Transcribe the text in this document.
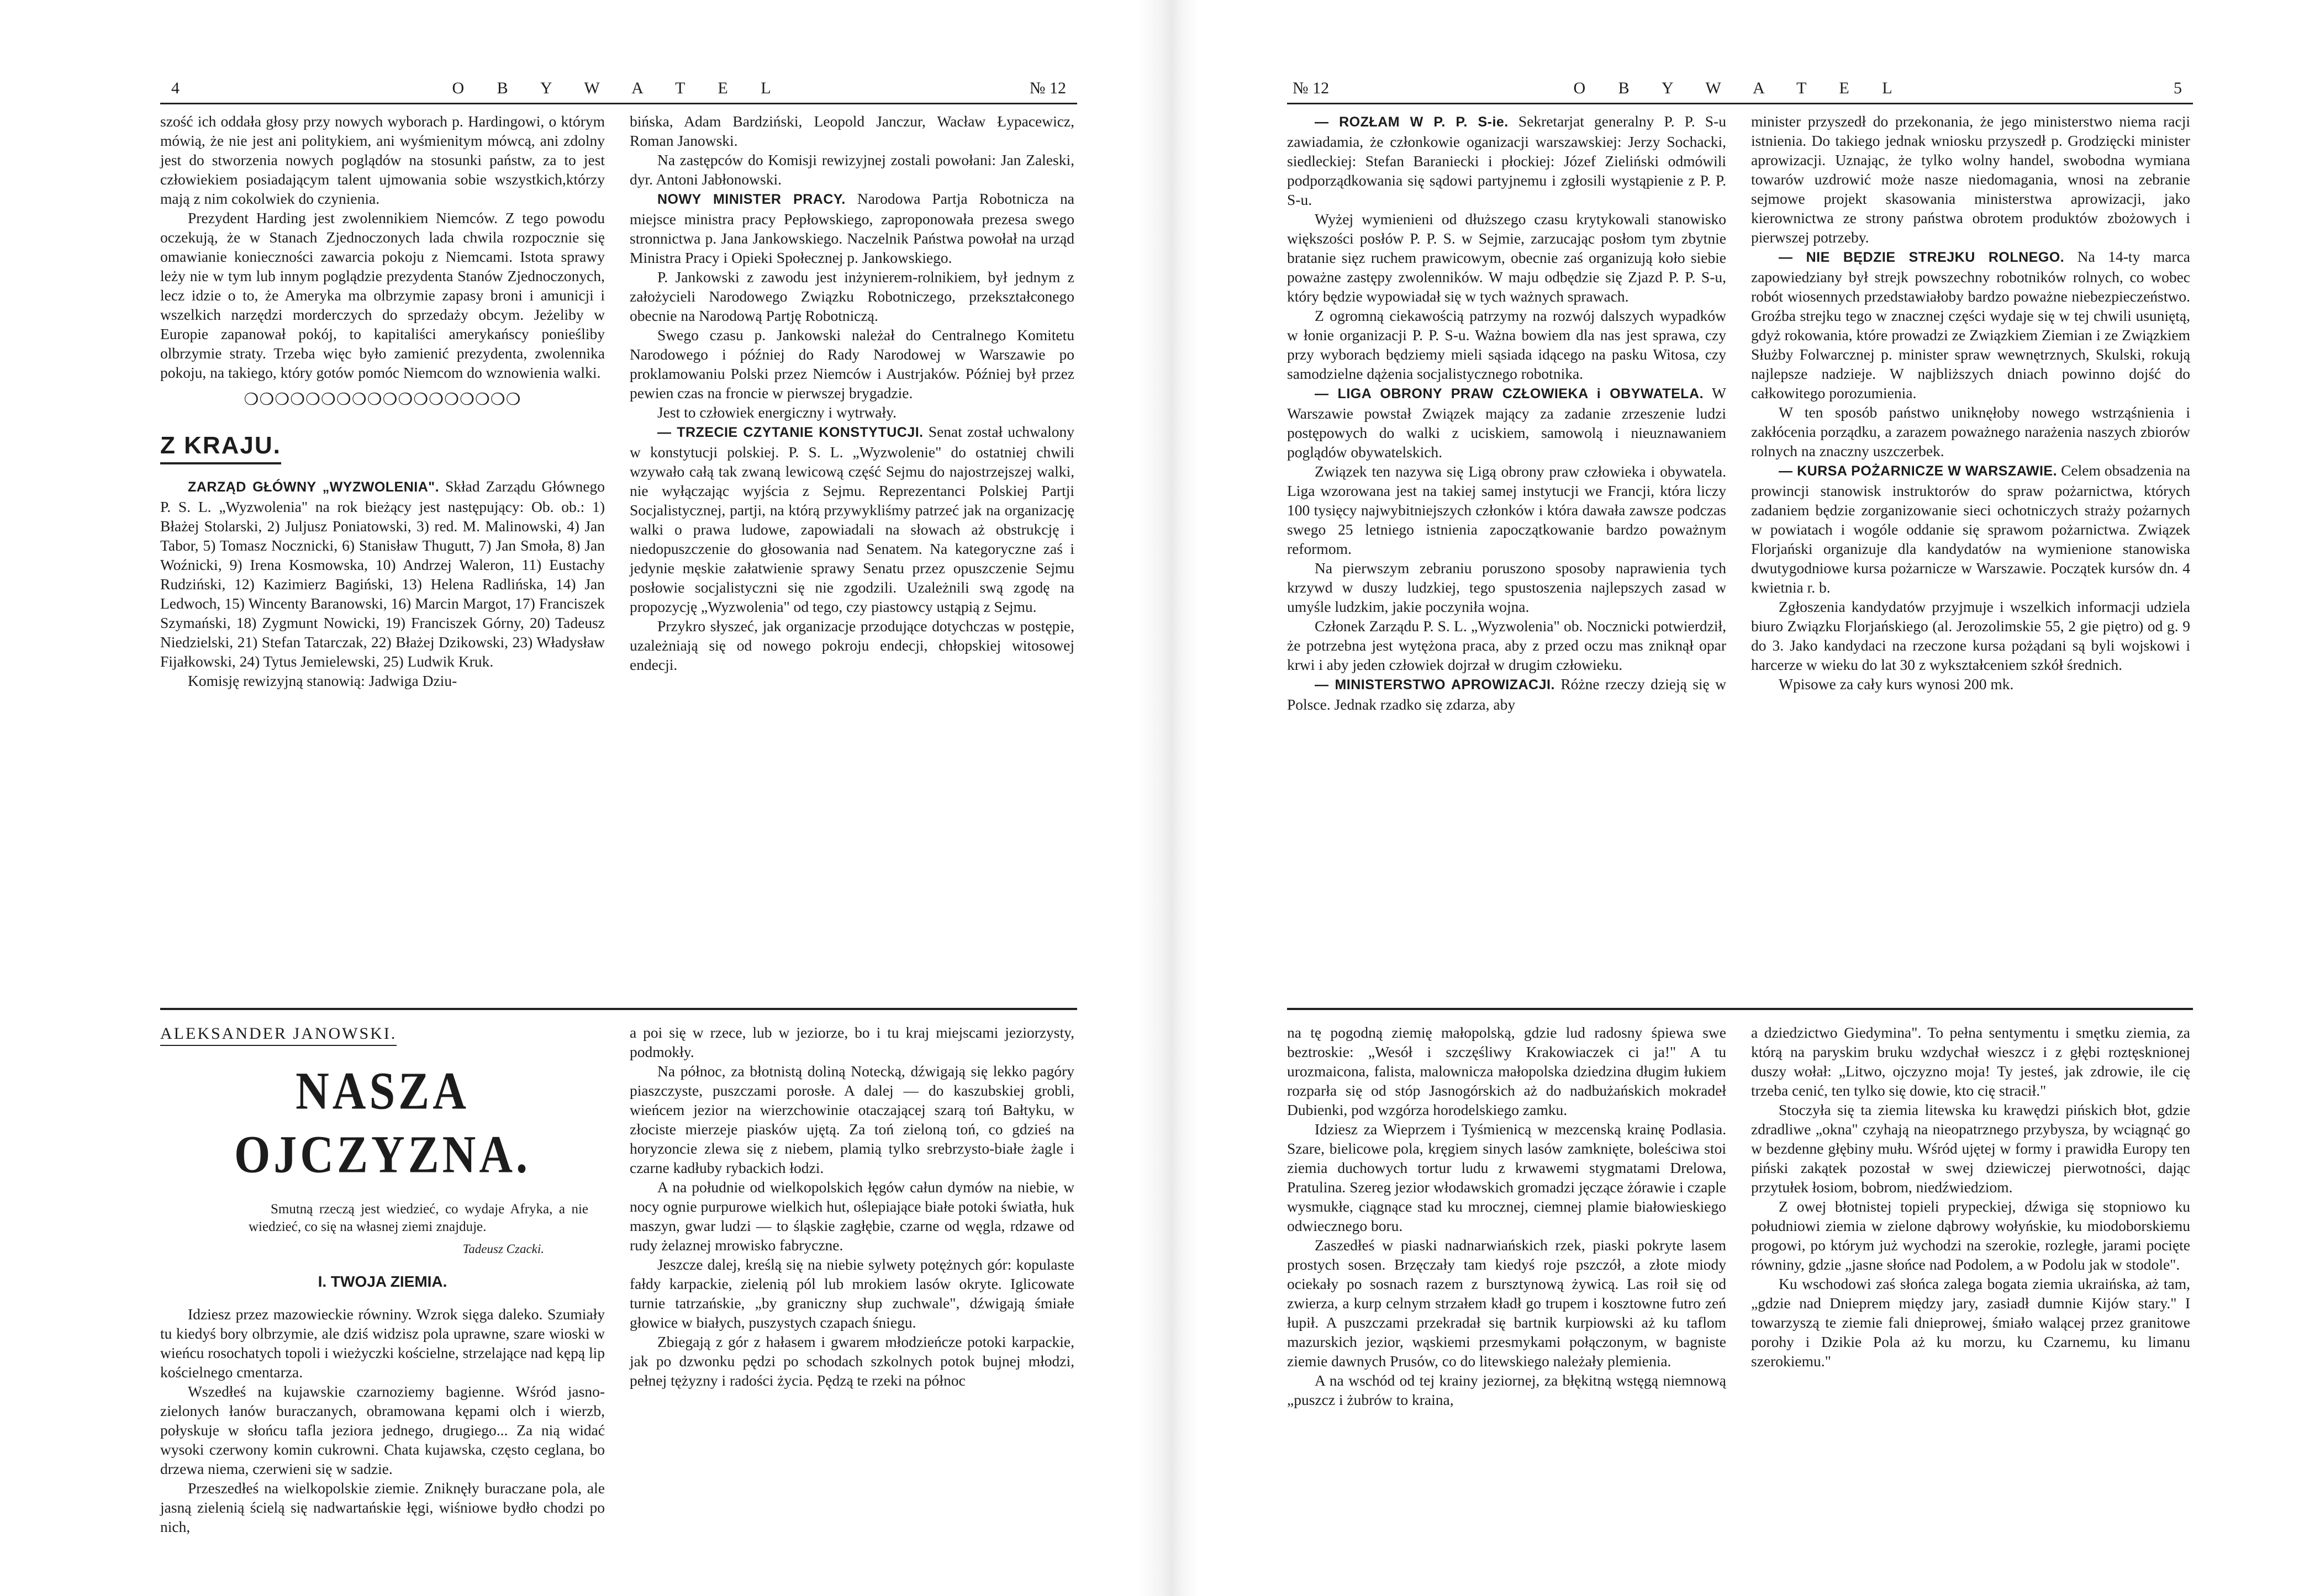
4	O B Y W A T E L	№ 12

szość ich oddała głosy przy nowych wyborach p. Hardingowi, o którym mówią, że nie jest ani politykiem, ani wyśmienitym mówcą, ani zdolny jest do stworzenia nowych poglądów na stosunki państw, za to jest człowiekiem posiadającym talent ujmowania sobie wszystkich,którzy mają z nim cokolwiek do czynienia.

Prezydent Harding jest zwolennikiem Niemców. Z tego powodu oczekują, że w Stanach Zjednoczonych lada chwila rozpocznie się omawianie konieczności zawarcia pokoju z Niemcami. Istota sprawy leży nie w tym lub innym poglądzie prezydenta Stanów Zjednoczonych, lecz idzie o to, że Ameryka ma olbrzymie zapasy broni i amunicji i wszelkich narzędzi morderczych do sprzedaży obcym. Jeżeliby w Europie zapanował pokój, to kapitaliści amerykańscy ponieśliby olbrzymie straty. Trzeba więc było zamienić prezydenta, zwolennika pokoju, na takiego, który gotów pomóc Niemcom do wznowienia walki.

❍❍❍❍❍❍❍❍❍❍❍❍❍❍❍❍❍❍
Z KRAJU.

ZARZĄD GŁÓWNY „WYZWOLENIA". Skład Zarządu Głównego P. S. L. „Wyzwolenia" na rok bieżący jest następujący: Ob. ob.: 1) Błażej Stolarski, 2) Juljusz Poniatowski, 3) red. M. Malinowski, 4) Jan Tabor, 5) Tomasz Nocznicki, 6) Stanisław Thugutt, 7) Jan Smoła, 8) Jan Woźnicki, 9) Irena Kosmowska, 10) Andrzej Waleron, 11) Eustachy Rudziński, 12) Kazimierz Bagiński, 13) Helena Radlińska, 14) Jan Ledwoch, 15) Wincenty Baranowski, 16) Marcin Margot, 17) Franciszek Szymański, 18) Zygmunt Nowicki, 19) Franciszek Górny, 20) Tadeusz Niedzielski, 21) Stefan Tatarczak, 22) Błażej Dzikowski, 23) Władysław Fijałkowski, 24) Tytus Jemielewski, 25) Ludwik Kruk.

Komisję rewizyjną stanowią: Jadwiga Dziu-

bińska, Adam Bardziński, Leopold Janczur, Wacław Łypacewicz, Roman Janowski.

Na zastępców do Komisji rewizyjnej zostali powołani: Jan Zaleski, dyr. Antoni Jabłonowski.

NOWY MINISTER PRACY. Narodowa Partja Robotnicza na miejsce ministra pracy Pepłowskiego, zaproponowała prezesa swego stronnictwa p. Jana Jankowskiego. Naczelnik Państwa powołał na urząd Ministra Pracy i Opieki Społecznej p. Jankowskiego.

P. Jankowski z zawodu jest inżynierem-rolnikiem, był jednym z założycieli Narodowego Związku Robotniczego, przekształconego obecnie na Narodową Partję Robotniczą.

Swego czasu p. Jankowski należał do Centralnego Komitetu Narodowego i później do Rady Narodowej w Warszawie po proklamowaniu Polski przez Niemców i Austrjaków. Później był przez pewien czas na froncie w pierwszej brygadzie.

Jest to człowiek energiczny i wytrwały.

— TRZECIE CZYTANIE KONSTYTUCJI. Senat został uchwalony w konstytucji polskiej. P. S. L. „Wyzwolenie" do ostatniej chwili wzywało całą tak zwaną lewicową część Sejmu do najostrzejszej walki, nie wyłączając wyjścia z Sejmu. Reprezentanci Polskiej Partji Socjalistycznej, partji, na którą przywykliśmy patrzeć jak na organizację walki o prawa ludowe, zapowiadali na słowach aż obstrukcję i niedopuszczenie do głosowania nad Senatem. Na kategoryczne zaś i jedynie męskie załatwienie sprawy Senatu przez opuszczenie Sejmu posłowie socjalistyczni się nie zgodzili. Uzależnili swą zgodę na propozycję „Wyzwolenia" od tego, czy piastowcy ustąpią z Sejmu.

Przykro słyszeć, jak organizacje przodujące dotychczas w postępie, uzależniają się od nowego pokroju endecji, chłopskiej witosowej endecji.

ALEKSANDER JANOWSKI.
NASZA OJCZYZNA.
Smutną rzeczą jest wiedzieć, co wydaje Afryka, a nie wiedzieć, co się na własnej ziemi znajduje.
Tadeusz Czacki.
I. TWOJA ZIEMIA.

Idziesz przez mazowieckie równiny. Wzrok sięga daleko. Szumiały tu kiedyś bory olbrzymie, ale dziś widzisz pola uprawne, szare wioski w wieńcu rosochatych topoli i wieżyczki kościelne, strzelające nad kępą lip kościelnego cmentarza.

Wszedłeś na kujawskie czarnoziemy bagienne. Wśród jasno-zielonych łanów buraczanych, obramowana kępami olch i wierzb, połyskuje w słońcu tafla jeziora jednego, drugiego... Za nią widać wysoki czerwony komin cukrowni. Chata kujawska, często ceglana, bo drzewa niema, czerwieni się w sadzie.

Przeszedłeś na wielkopolskie ziemie. Zniknęły buraczane pola, ale jasną zielenią ścielą się nadwartańskie łęgi, wiśniowe bydło chodzi po nich,

a poi się w rzece, lub w jeziorze, bo i tu kraj miejscami jeziorzysty, podmokły.

Na północ, za błotnistą doliną Notecką, dźwigają się lekko pagóry piaszczyste, puszczami porosłe. A dalej — do kaszubskiej grobli, wieńcem jezior na wierzchowinie otaczającej szarą toń Bałtyku, w złociste mierzeje piasków ujętą. Za toń zieloną toń, co gdzieś na horyzoncie zlewa się z niebem, plamią tylko srebrzysto-białe żagle i czarne kadłuby rybackich łodzi.

A na południe od wielkopolskich łęgów całun dymów na niebie, w nocy ognie purpurowe wielkich hut, oślepiające białe potoki światła, huk maszyn, gwar ludzi — to śląskie zagłębie, czarne od węgla, rdzawe od rudy żelaznej mrowisko fabryczne.

Jeszcze dalej, kreślą się na niebie sylwety potężnych gór: kopulaste fałdy karpackie, zielenią pól lub mrokiem lasów okryte. Iglicowate turnie tatrzańskie, „by graniczny słup zuchwale", dźwigają śmiałe głowice w białych, puszystych czapach śniegu.

Zbiegają z gór z hałasem i gwarem młodzieńcze potoki karpackie, jak po dzwonku pędzi po schodach szkolnych potok bujnej młodzi, pełnej tężyzny i radości życia. Pędzą te rzeki na północ

№ 12	O B Y W A T E L	5

— ROZŁAM W P. P. S-ie. Sekretarjat generalny P. P. S-u zawiadamia, że członkowie oganizacji warszawskiej: Jerzy Sochacki, siedleckiej: Stefan Baraniecki i płockiej: Józef Zieliński odmówili podporządkowania się sądowi partyjnemu i zgłosili wystąpienie z P. P. S-u.

Wyżej wymienieni od dłuższego czasu krytykowali stanowisko większości posłów P. P. S. w Sejmie, zarzucając posłom tym zbytnie bratanie sięz ruchem prawicowym, obecnie zaś organizują koło siebie poważne zastępy zwolenników. W maju odbędzie się Zjazd P. P. S-u, który będzie wypowiadał się w tych ważnych sprawach.

Z ogromną ciekawością patrzymy na rozwój dalszych wypadków w łonie organizacji P. P. S-u. Ważna bowiem dla nas jest sprawa, czy przy wyborach będziemy mieli sąsiada idącego na pasku Witosa, czy samodzielne dążenia socjalistycznego robotnika.

— LIGA OBRONY PRAW CZŁOWIEKA i OBYWATELA. W Warszawie powstał Związek mający za zadanie zrzeszenie ludzi postępowych do walki z uciskiem, samowolą i nieuznawaniem poglądów obywatelskich.

Związek ten nazywa się Ligą obrony praw człowieka i obywatela. Liga wzorowana jest na takiej samej instytucji we Francji, która liczy 100 tysięcy najwybitniejszych członków i która dawała zawsze podczas swego 25 letniego istnienia zapoczątkowanie bardzo poważnym reformom.

Na pierwszym zebraniu poruszono sposoby naprawienia tych krzywd w duszy ludzkiej, tego spustoszenia najlepszych zasad w umyśle ludzkim, jakie poczyniła wojna.

Członek Zarządu P. S. L. „Wyzwolenia" ob. Nocznicki potwierdził, że potrzebna jest wytężona praca, aby z przed oczu mas zniknął opar krwi i aby jeden człowiek dojrzał w drugim człowieku.

— MINISTERSTWO APROWIZACJI. Różne rzeczy dzieją się w Polsce. Jednak rzadko się zdarza, aby

minister przyszedł do przekonania, że jego ministerstwo niema racji istnienia. Do takiego jednak wniosku przyszedł p. Grodzięcki minister aprowizacji. Uznając, że tylko wolny handel, swobodna wymiana towarów uzdrowić może nasze niedomagania, wnosi na zebranie sejmowe projekt skasowania ministerstwa aprowizacji, jako kierownictwa ze strony państwa obrotem produktów zbożowych i pierwszej potrzeby.

— NIE BĘDZIE STREJKU ROLNEGO. Na 14-ty marca zapowiedziany był strejk powszechny robotników rolnych, co wobec robót wiosennych przedstawiałoby bardzo poważne niebezpieczeństwo. Groźba strejku tego w znacznej części wydaje się w tej chwili usuniętą, gdyż rokowania, które prowadzi ze Związkiem Ziemian i ze Związkiem Służby Folwarcznej p. minister spraw wewnętrznych, Skulski, rokują najlepsze nadzieje. W najbliższych dniach powinno dojść do całkowitego porozumienia.

W ten sposób państwo uniknęłoby nowego wstrząśnienia i zakłócenia porządku, a zarazem poważnego narażenia naszych zbiorów rolnych na znaczny uszczerbek.

— KURSA POŻARNICZE W WARSZAWIE. Celem obsadzenia na prowincji stanowisk instruktorów do spraw pożarnictwa, których zadaniem będzie zorganizowanie sieci ochotniczych straży pożarnych w powiatach i wogóle oddanie się sprawom pożarnictwa. Związek Florjański organizuje dla kandydatów na wymienione stanowiska dwutygodniowe kursa pożarnicze w Warszawie. Początek kursów dn. 4 kwietnia r. b.

Zgłoszenia kandydatów przyjmuje i wszelkich informacji udziela biuro Związku Florjańskiego (al. Jerozolimskie 55, 2 gie piętro) od g. 9 do 3. Jako kandydaci na rzeczone kursa pożądani są byli wojskowi i harcerze w wieku do lat 30 z wykształceniem szkół średnich.

Wpisowe za cały kurs wynosi 200 mk.

na tę pogodną ziemię małopolską, gdzie lud radosny śpiewa swe beztroskie: „Wesół i szczęśliwy Krakowiaczek ci ja!" A tu urozmaicona, falista, malownicza małopolska dziedzina długim łukiem rozparła się od stóp Jasnogórskich aż do nadbużańskich mokradeł Dubienki, pod wzgórza horodelskiego zamku.

Idziesz za Wieprzem i Tyśmienicą w mezcenską krainę Podlasia. Szare, bielicowe pola, kręgiem sinych lasów zamknięte, boleściwa stoi ziemia duchowych tortur ludu z krwawemi stygmatami Drelowa, Pratulina. Szereg jezior włodawskich gromadzi jęczące żórawie i czaple wysmukłe, ciągnące stad ku mrocznej, ciemnej plamie białowieskiego odwiecznego boru.

Zaszedłeś w piaski nadnarwiańskich rzek, piaski pokryte lasem prostych sosen. Brzęczały tam kiedyś roje pszczół, a złote miody ociekały po sosnach razem z bursztynową żywicą. Las roił się od zwierza, a kurp celnym strzałem kładł go trupem i kosztowne futro zeń łupił. A puszczami przekradał się bartnik kurpiowski aż ku taflom mazurskich jezior, wąskiemi przesmykami połączonym, w bagniste ziemie dawnych Prusów, co do litewskiego należały plemienia.

A na wschód od tej krainy jeziornej, za błękitną wstęgą niemnową „puszcz i żubrów to kraina,

a dziedzictwo Giedymina". To pełna sentymentu i smętku ziemia, za którą na paryskim bruku wzdychał wieszcz i z głębi roztęsknionej duszy wołał: „Litwo, ojczyzno moja! Ty jesteś, jak zdrowie, ile cię trzeba cenić, ten tylko się dowie, kto cię stracił."

Stoczyła się ta ziemia litewska ku krawędzi pińskich błot, gdzie zdradliwe „okna" czyhają na nieopatrznego przybysza, by wciągnąć go w bezdenne głębiny mułu. Wśród ujętej w formy i prawidła Europy ten piński zakątek pozostał w swej dziewiczej pierwotności, dając przytułek łosiom, bobrom, niedźwiedziom.

Z owej błotnistej topieli prypeckiej, dźwiga się stopniowo ku południowi ziemia w zielone dąbrowy wołyńskie, ku miodoborskiemu progowi, po którym już wychodzi na szerokie, rozległe, jarami pocięte równiny, gdzie „jasne słońce nad Podolem, a w Podolu jak w stodole".

Ku wschodowi zaś słońca zalega bogata ziemia ukraińska, aż tam, „gdzie nad Dnieprem między jary, zasiadł dumnie Kijów stary." I towarzyszą te ziemie fali dnieprowej, śmiało walącej przez granitowe porohy i Dzikie Pola aż ku morzu, ku Czarnemu, ku limanu szerokiemu."
